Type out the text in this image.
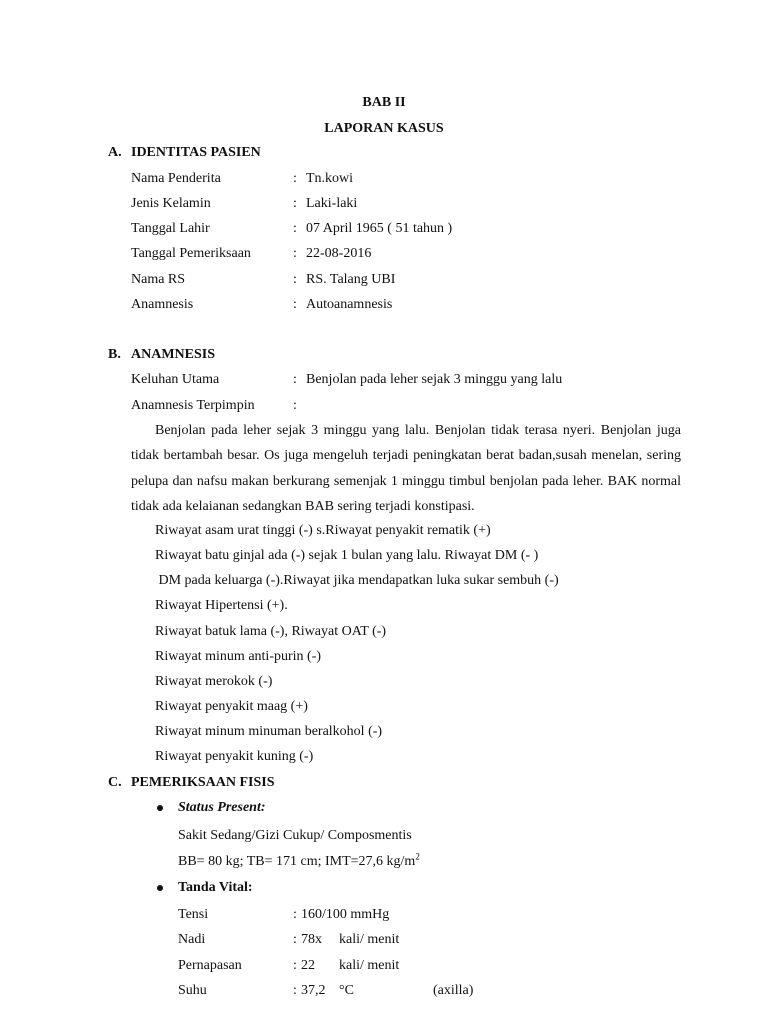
BAB II
LAPORAN KASUS
A. IDENTITAS PASIEN
Nama Penderita	: Tn.kowi
Jenis Kelamin	: Laki-laki
Tanggal Lahir	: 07 April 1965 ( 51 tahun )
Tanggal Pemeriksaan	: 22-08-2016
Nama RS	: RS. Talang UBI
Anamnesis	: Autoanamnesis
B. ANAMNESIS
Keluhan Utama	: Benjolan pada leher sejak 3 minggu yang lalu
Anamnesis Terpimpin	:

Benjolan pada leher sejak 3 minggu yang lalu. Benjolan tidak terasa nyeri. Benjolan juga tidak bertambah besar. Os juga mengeluh terjadi peningkatan berat badan,susah menelan, sering pelupa dan nafsu makan berkurang semenjak 1 minggu timbul benjolan pada leher. BAK normal tidak ada kelaianan sedangkan BAB sering terjadi konstipasi.

Riwayat asam urat tinggi (-) s.Riwayat penyakit rematik (+)
Riwayat batu ginjal ada (-) sejak 1 bulan yang lalu. Riwayat DM (- )
DM pada keluarga (-).Riwayat jika mendapatkan luka sukar sembuh (-)
Riwayat Hipertensi (+).
Riwayat batuk lama (-), Riwayat OAT (-)
Riwayat minum anti-purin (-)
Riwayat merokok (-)
Riwayat penyakit maag (+)
Riwayat minum minuman beralkohol (-)
Riwayat penyakit kuning (-)
C. PEMERIKSAAN FISIS
Status Present:
Sakit Sedang/Gizi Cukup/ Composmentis
BB= 80 kg; TB= 171 cm; IMT=27,6 $kg/m^2$
Tanda Vital:
Tensi	: 160/100 mmHg
Nadi	: 78x kali/ menit
Pernapasan	: 22 kali/ menit
Suhu	: 37,2 °C	(axilla)
